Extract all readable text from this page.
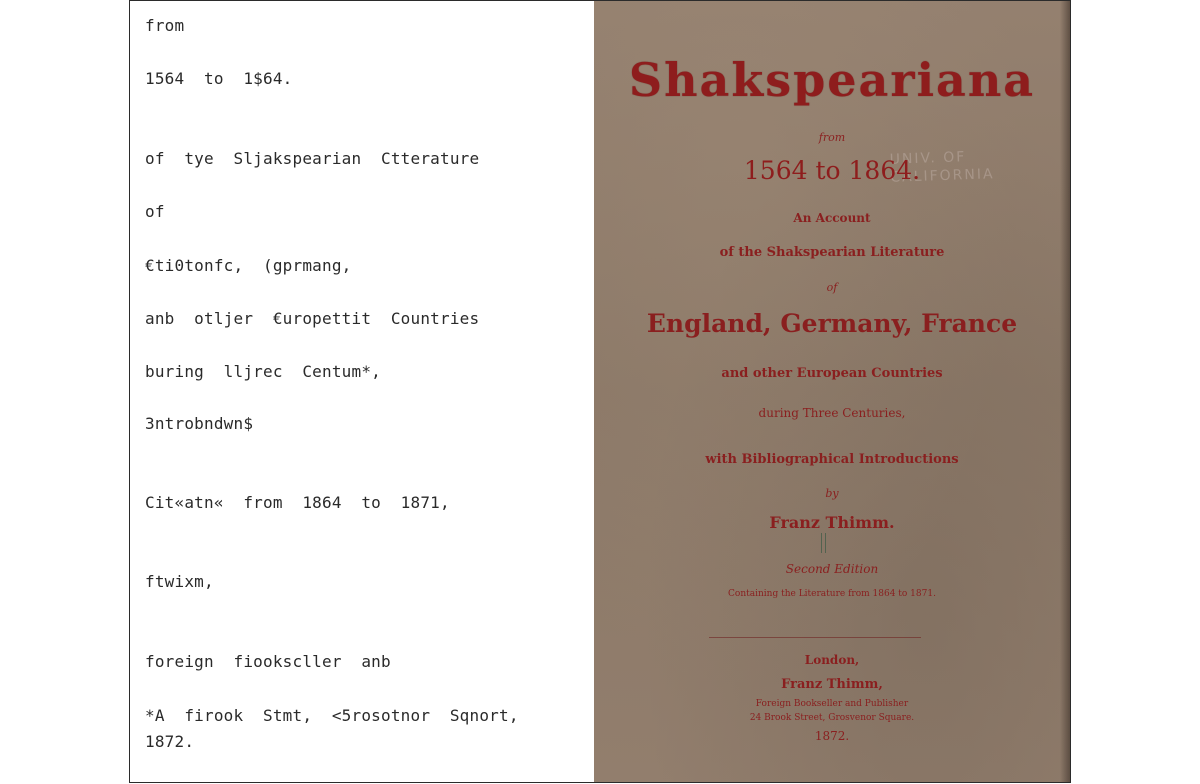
from
1564  to  1$64.
of  tye  Sljakspearian  Ctterature
of
€ti0tonfc,  (gprmang,
anb  otljer  €uropettit  Countries
buring  lljrec  Centum*,
3ntrobndwn$
Cit«atn«  from  1864  to  1871,
ftwixm,
foreign  fiookscller  anb
*A  firook  Stmt,  <5rosotnor  Sqnort,
1872.
UNIV. OF
CALIFORNIA
Shakspeariana
from
1564 to 1864.
An Account
of the Shakspearian Literature
of
England, Germany, France
and other European Countries
during Three Centuries,
with Bibliographical Introductions
by
Franz Thimm.
Second Edition
Containing the Literature from 1864 to 1871.
London,
Franz Thimm,
Foreign Bookseller and Publisher
24 Brook Street, Grosvenor Square.
1872.
